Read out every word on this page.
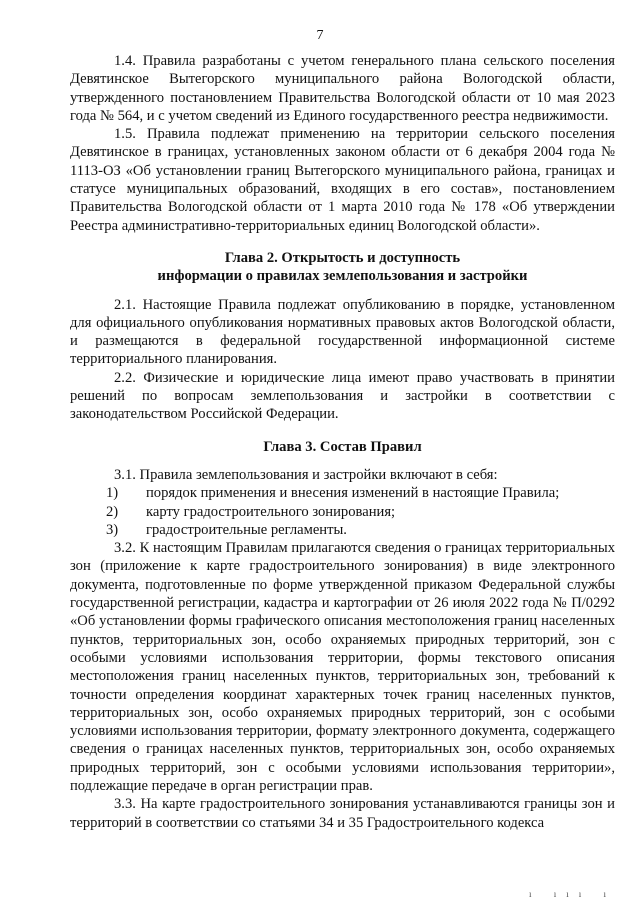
7

1.4. Правила разработаны с учетом генерального плана сельского поселения Девятинское Вытегорского муниципального района Вологодской области, утвержденного постановлением Правительства Вологодской области от 10 мая 2023 года № 564, и с учетом сведений из Единого государственного реестра недвижимости.

1.5. Правила подлежат применению на территории сельского поселения Девятинское в границах, установленных законом области от 6 декабря 2004 года № 1113-ОЗ «Об установлении границ Вытегорского муниципального района, границах и статусе муниципальных образований, входящих в его состав», постановлением Правительства Вологодской области от 1 марта 2010 года № 178 «Об утверждении Реестра административно-территориальных единиц Вологодской области».

Глава 2. Открытость и доступность
информации о правилах землепользования и застройки

2.1. Настоящие Правила подлежат опубликованию в порядке, установленном для официального опубликования нормативных правовых актов Вологодской области, и размещаются в федеральной государственной информационной системе территориального планирования.

2.2. Физические и юридические лица имеют право участвовать в принятии решений по вопросам землепользования и застройки в соответствии с законодательством Российской Федерации.

Глава 3. Состав Правил

3.1. Правила землепользования и застройки включают в себя:

1)	порядок применения и внесения изменений в настоящие Правила;
2)	карту градостроительного зонирования;
3)	градостроительные регламенты.

3.2. К настоящим Правилам прилагаются сведения о границах территориальных зон (приложение к карте градостроительного зонирования) в виде электронного документа, подготовленные по форме утвержденной приказом Федеральной службы государственной регистрации, кадастра и картографии от 26 июля 2022 года № П/0292 «Об установлении формы графического описания местоположения границ населенных пунктов, территориальных зон, особо охраняемых природных территорий, зон с особыми условиями использования территории, формы текстового описания местоположения границ населенных пунктов, территориальных зон, требований к точности определения координат характерных точек границ населенных пунктов, территориальных зон, особо охраняемых природных территорий, зон с особыми условиями использования территории, формату электронного документа, содержащего сведения о границах населенных пунктов, территориальных зон, особо охраняемых природных территорий, зон с особыми условиями использования территории», подлежащие передаче в орган регистрации прав.

3.3. На карте градостроительного зонирования устанавливаются границы зон и территорий в соответствии со статьями 34 и 35 Градостроительного кодекса

ı ııı ı
